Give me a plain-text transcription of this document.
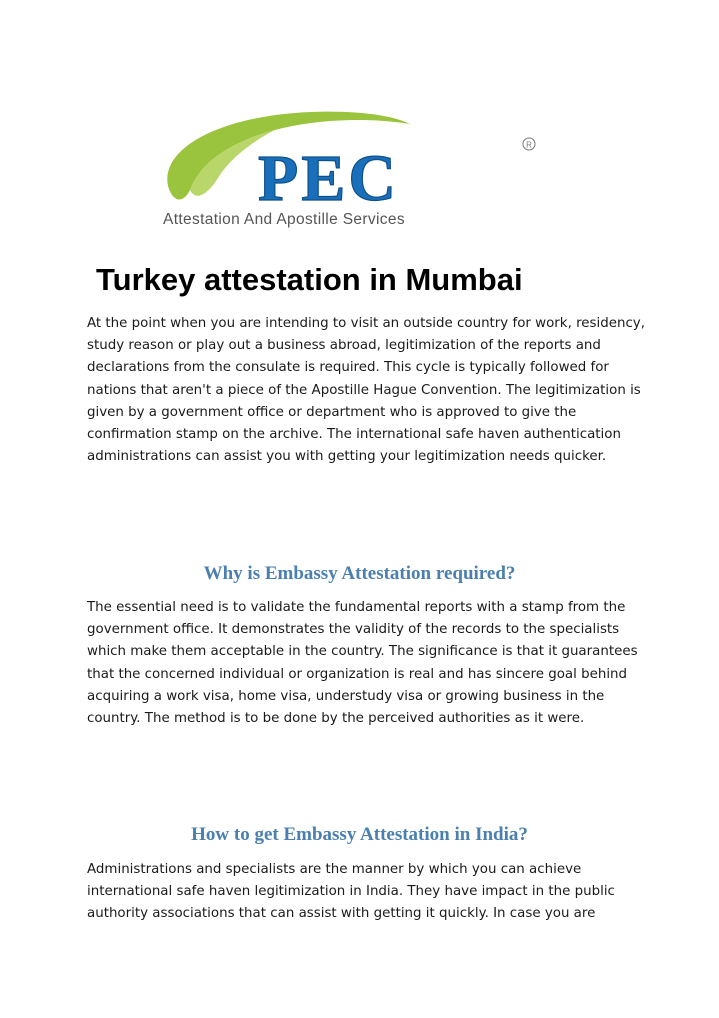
PEC	R
Attestation And Apostille Services
Turkey attestation in Mumbai

At the point when you are intending to visit an outside country for work, residency, study reason or play out a business abroad, legitimization of the reports and declarations from the consulate is required. This cycle is typically followed for nations that aren't a piece of the Apostille Hague Convention. The legitimization is given by a government office or department who is approved to give the confirmation stamp on the archive. The international safe haven authentication administrations can assist you with getting your legitimization needs quicker.

Why is Embassy Attestation required?

The essential need is to validate the fundamental reports with a stamp from the government office. It demonstrates the validity of the records to the specialists which make them acceptable in the country. The significance is that it guarantees that the concerned individual or organization is real and has sincere goal behind acquiring a work visa, home visa, understudy visa or growing business in the country. The method is to be done by the perceived authorities as it were.

How to get Embassy Attestation in India?

Administrations and specialists are the manner by which you can achieve international safe haven legitimization in India. They have impact in the public authority associations that can assist with getting it quickly. In case you are
